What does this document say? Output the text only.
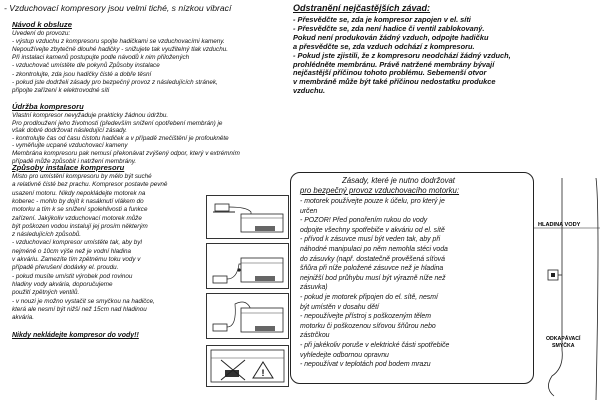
- Vzduchovací kompresory jsou velmi tiché, s nízkou vibrací
Návod k obsluze
Uvedení do provozu:
- výstup vzduchu z kompresoru spojte hadičkami se vzduchovacími kameny.
Nepoužívejte zbytečně dlouhé hadičky - snižujete tak využitelný tlak vzduchu.
Při instalaci kamenů postupujte podle návodů k nim přiložených
- vzduchovač umístěte dle pokynů Způsoby instalace
- zkontrolujte, zda jsou hadičky čisté a dobře těsní
- pokud jste dodrželi zásady pro bezpečný provoz z následujících stránek,
připojte zařízení k elektrovodné síti
Údržba kompresoru
Vlastní kompresor nevyžaduje prakticky žádnou údržbu.
Pro prodloužení jeho životnosti (především snížení opotřebení membrán) je
však dobré dodržovat následující zásady.
- kontrolujte čas od času čistotu hadiček a v případě znečištění je profoukněte
- vyměňujte ucpané vzduchovací kameny
Membrána kompresoru pak nemusí překonávat zvýšený odpor, který v extrémním
případě může způsobit i natržení membrány.
Způsoby instalace kompresoru
Místo pro umístění kompresoru by mělo být suché
a relativně čisté bez prachu. Kompresor postavte pevně
usazení motoru. Nikdy nepokládejte motorek na
koberec - mohlo by dojít k nasáknutí vlákem do
motorku a tím k se snížení spolehlivosti a funkce
zařízení. Jakýkoliv vzduchovací motorek může
být poškozen vodou instalují jej prosím některým
z následujících způsobů.
- vzduchovací kompresor umístěte tak, aby byl
nejméně o 10cm výše než je vodní hladina
v akváriu. Zamezíte tím zpětnému toku vody v
případě přerušení dodávky el. proudu.
- pokud musíte umístit výrobek pod rovinou
hladiny vody akvária, doporučujeme
použití zpětných ventilů.
- v nouzi je možno vystačit se smyčkou na hadičce,
která ale nesmí být nižší než 15cm nad hladinou
akvária.
Nikdy nekládejte kompresor do vody!!
!
Odstranění nejčastějších závad:
- Přesvědčte se, zda je kompresor zapojen v el. síti
- Přesvědčte se, zda není hadice či ventil zablokovaný.
Pokud není produkován žádný vzduch, odpojte hadičku
a přesvědčte se, zda vzduch odchází z kompresoru.
- Pokud jste zjistili, že z kompresoru neodchází žádný vzduch,
prohlédněte membránu. Právě natržené membrány bývají
nejčastější příčinou tohoto problému. Sebemenší otvor
v membráně může být také příčinou nedostatku produkce
vzduchu.
Zásady, které je nutno dodržovat
pro bezpečný provoz vzduchovacího motorku:
- motorek používejte pouze k účelu, pro který je
určen
- POZOR! Před ponořením rukou do vody
odpojte všechny spotřebiče v akváriu od el. sítě
- přívod k zásuvce musí být veden tak, aby při
náhodné manipulaci po něm nemohla stéci voda
do zásuvky (např. dostatečně prověšená síťová
šňůra při níže položené zásuvce než je hladina
nejnižší bod průhybu musí být výrazně níže než
zásuvka)
- pokud je motorek připojen do el. sítě, nesmí
být umístěn v dosahu dětí
- nepoužívejte přístroj s poškozeným tělem
motorku či poškozenou síťovou šňůrou nebo
zástrčkou
- při jakékoliv poruše v elektrické části spotřebiče
vyhledejte odbornou opravnu
- nepoužívat v teplotách pod bodem mrazu
HLADINA VODY
ODKAPÁVACÍ
SMYČKA
